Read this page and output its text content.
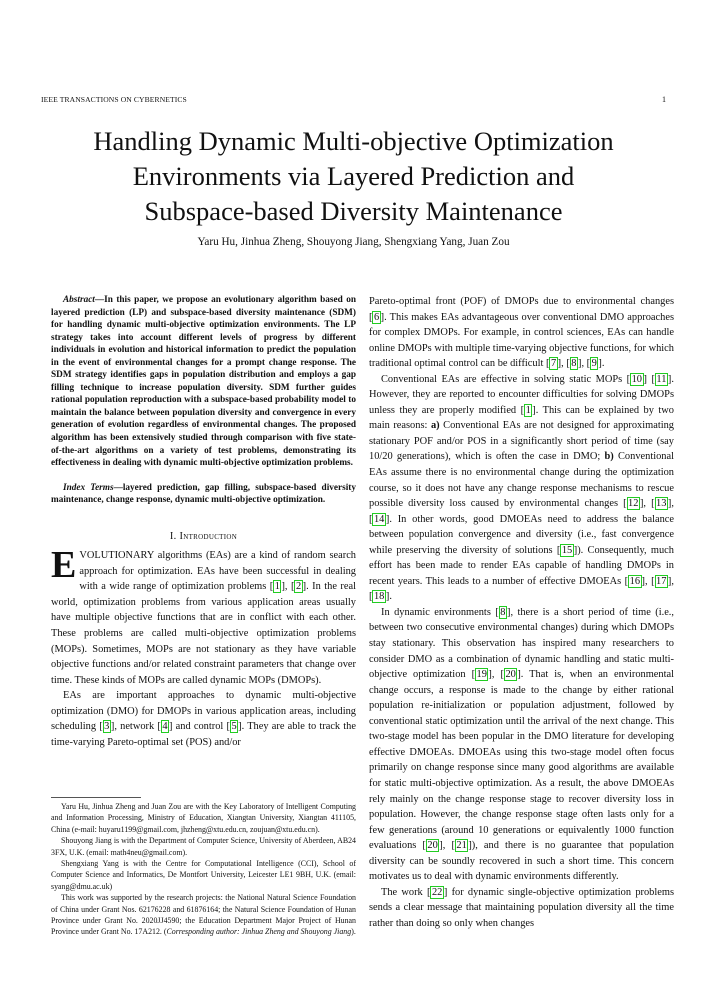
IEEE TRANSACTIONS ON CYBERNETICS	1
Handling Dynamic Multi-objective Optimization
Environments via Layered Prediction and
Subspace-based Diversity Maintenance
Yaru Hu, Jinhua Zheng, Shouyong Jiang, Shengxiang Yang, Juan Zou

Abstract—In this paper, we propose an evolutionary algorithm based on layered prediction (LP) and subspace-based diversity maintenance (SDM) for handling dynamic multi-objective optimization environments. The LP strategy takes into account different levels of progress by different individuals in evolution and historical information to predict the population in the event of environmental changes for a prompt change response. The SDM strategy identifies gaps in population distribution and employs a gap filling technique to increase population diversity. SDM further guides rational population reproduction with a subspace-based probability model to maintain the balance between population diversity and convergence in every generation of evolution regardless of environmental changes. The proposed algorithm has been extensively studied through comparison with five state-of-the-art algorithms on a variety of test problems, demonstrating its effectiveness in dealing with dynamic multi-objective optimization problems.

Index Terms—layered prediction, gap filling, subspace-based diversity maintenance, change response, dynamic multi-objective optimization.

I. Introduction

EVOLUTIONARY algorithms (EAs) are a kind of random search approach for optimization. EAs have been successful in dealing with a wide range of optimization problems [ 1 ], [ 2 ]. In the real world, optimization problems from various application areas usually have multiple objective functions that are in conflict with each other. These problems are called multi-objective optimization problems (MOPs). Sometimes, MOPs are not stationary as they have variable objective functions and/or related constraint parameters that change over time. These kinds of MOPs are called dynamic MOPs (DMOPs).

EAs are important approaches to dynamic multi-objective optimization (DMO) for DMOPs in various application areas, including scheduling [ 3 ], network [ 4 ] and control [ 5 ]. They are able to track the time-varying Pareto-optimal set (POS) and/or

Yaru Hu, Jinhua Zheng and Juan Zou are with the Key Laboratory of Intelligent Computing and Information Processing, Ministry of Education, Xiangtan University, Xiangtan 411105, China (e-mail: huyaru1199@gmail.com, jhzheng@xtu.edu.cn, zoujuan@xtu.edu.cn).

Shouyong Jiang is with the Department of Computer Science, University of Aberdeen, AB24 3FX, U.K. (email: math4neu@gmail.com).

Shengxiang Yang is with the Centre for Computational Intelligence (CCI), School of Computer Science and Informatics, De Montfort University, Leicester LE1 9BH, U.K. (email: syang@dmu.ac.uk)

This work was supported by the research projects: the National Natural Science Foundation of China under Grant Nos. 62176228 and 61876164; the Natural Science Foundation of Hunan Province under Grant No. 2020JJ4590; the Education Department Major Project of Hunan Province under Grant No. 17A212. (Corresponding author: Jinhua Zheng and Shouyong Jiang).

Pareto-optimal front (POF) of DMOPs due to environmental changes [ 6 ]. This makes EAs advantageous over conventional DMO approaches for complex DMOPs. For example, in control sciences, EAs can handle online DMOPs with multiple time-varying objective functions, for which traditional optimal control can be difficult [ 7 ], [ 8 ], [ 9 ].

Conventional EAs are effective in solving static MOPs [ 10 ] [ 11 ]. However, they are reported to encounter difficulties for solving DMOPs unless they are properly modified [ 1 ]. This can be explained by two main reasons: a) Conventional EAs are not designed for approximating stationary POF and/or POS in a significantly short period of time (say 10/20 generations), which is often the case in DMO; b) Conventional EAs assume there is no environmental change during the optimization course, so it does not have any change response mechanisms to rescue possible diversity loss caused by environmental changes [ 12 ], [ 13 ], [ 14 ]. In other words, good DMOEAs need to address the balance between population convergence and diversity (i.e., fast convergence while preserving the diversity of solutions [ 15 ]). Consequently, much effort has been made to render EAs capable of handling DMOPs in recent years. This leads to a number of effective DMOEAs [ 16 ], [ 17 ], [ 18 ].

In dynamic environments [ 8 ], there is a short period of time (i.e., between two consecutive environmental changes) during which DMOPs stay stationary. This observation has inspired many researchers to consider DMO as a combination of dynamic handling and static multi-objective optimization [ 19 ], [ 20 ]. That is, when an environmental change occurs, a response is made to the change by either rational population re-initialization or population adjustment, followed by conventional static optimization until the arrival of the next change. This two-stage model has been popular in the DMO literature for developing effective DMOEAs. DMOEAs using this two-stage model often focus primarily on change response since many good algorithms are available for static multi-objective optimization. As a result, the above DMOEAs rely mainly on the change response stage to recover diversity loss in population. However, the change response stage often lasts only for a few generations (around 10 generations or equivalently 1000 function evaluations [ 20 ], [ 21 ]), and there is no guarantee that population diversity can be soundly recovered in such a short time. This concern motivates us to deal with dynamic environments differently.

The work [ 22 ] for dynamic single-objective optimization problems sends a clear message that maintaining population diversity all the time rather than doing so only when changes
